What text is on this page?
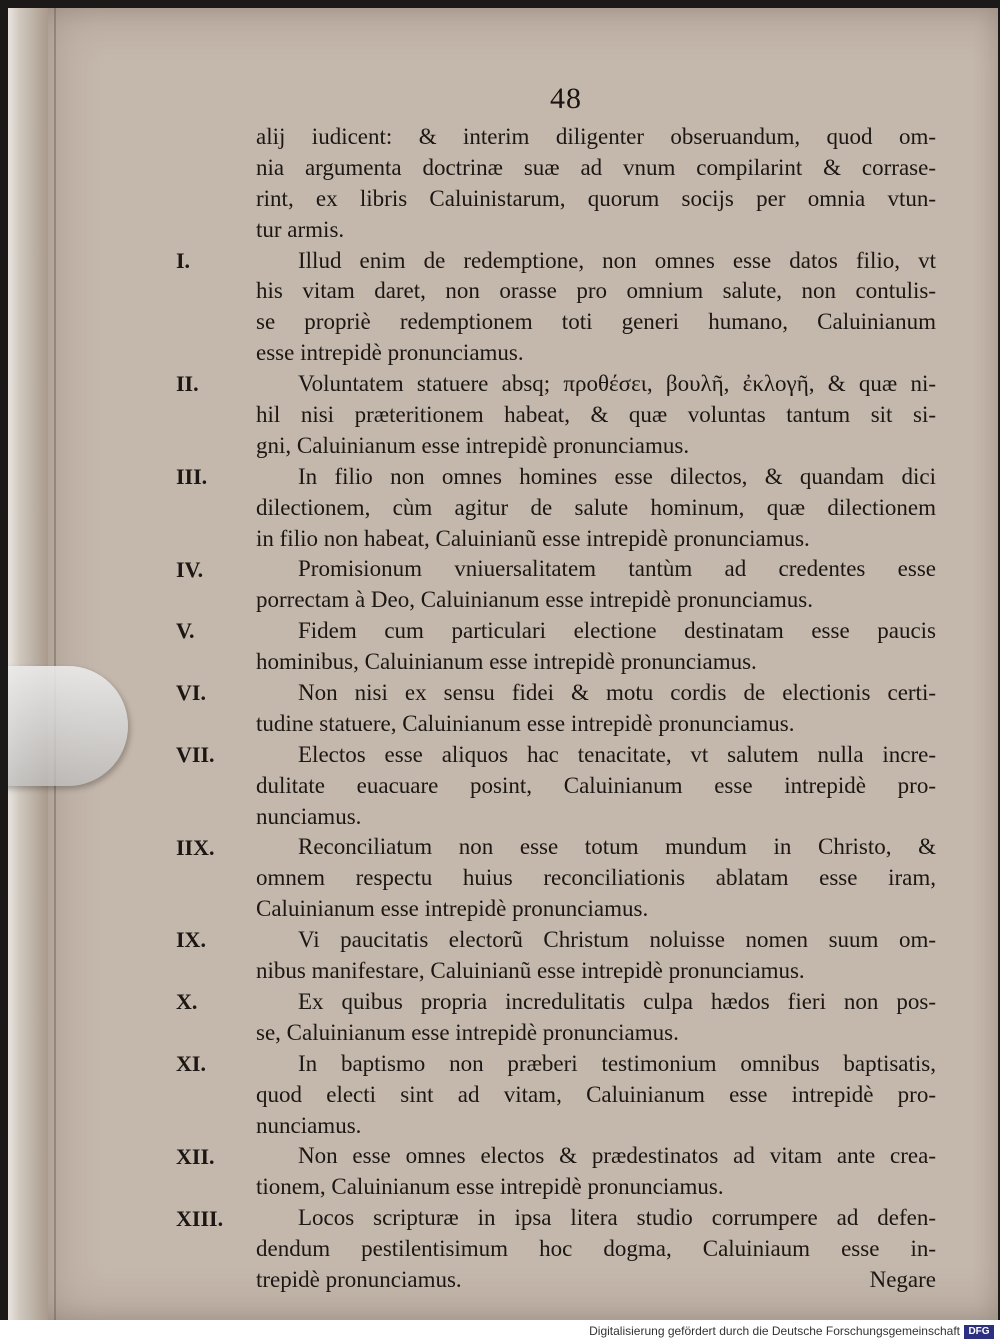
48
I.
II.
III.
IV.
V.
VI.
VII.
IIX.
IX.
X.
XI.
XII.
XIII.
alij iudicent: & interim diligenter obseruandum, quod om-
nia argumenta doctrinæ suæ ad vnum compilarint & corrase-
rint, ex libris Caluinistarum, quorum socijs per omnia vtun-
tur armis.
Illud enim de redemptione, non omnes esse datos filio, vt
his vitam daret, non orasse pro omnium salute, non contulis-
se propriè redemptionem toti generi humano, Caluinianum
esse intrepidè pronunciamus.
Voluntatem statuere absq; προθέσει, βουλῆ, ἐκλογῆ, & quæ ni-
hil nisi præteritionem habeat, & quæ voluntas tantum sit si-
gni, Caluinianum esse intrepidè pronunciamus.
In filio non omnes homines esse dilectos, & quandam dici
dilectionem, cùm agitur de salute hominum, quæ dilectionem
in filio non habeat, Caluinianũ esse intrepidè pronunciamus.
Promisionum vniuersalitatem tantùm ad credentes esse
porrectam à Deo, Caluinianum esse intrepidè pronunciamus.
Fidem cum particulari electione destinatam esse paucis
hominibus, Caluinianum esse intrepidè pronunciamus.
Non nisi ex sensu fidei & motu cordis de electionis certi-
tudine statuere, Caluinianum esse intrepidè pronunciamus.
Electos esse aliquos hac tenacitate, vt salutem nulla incre-
dulitate euacuare posint, Caluinianum esse intrepidè pro-
nunciamus.
Reconciliatum non esse totum mundum in Christo, &
omnem respectu huius reconciliationis ablatam esse iram,
Caluinianum esse intrepidè pronunciamus.
Vi paucitatis electorũ Christum noluisse nomen suum om-
nibus manifestare, Caluinianũ esse intrepidè pronunciamus.
Ex quibus propria incredulitatis culpa hædos fieri non pos-
se, Caluinianum esse intrepidè pronunciamus.
In baptismo non præberi testimonium omnibus baptisatis,
quod electi sint ad vitam, Caluinianum esse intrepidè pro-
nunciamus.
Non esse omnes electos & prædestinatos ad vitam ante crea-
tionem, Caluinianum esse intrepidè pronunciamus.
Locos scripturæ in ipsa litera studio corrumpere ad defen-
dendum pestilentisimum hoc dogma, Caluiniaum esse in-
trepidè pronunciamus.	Negare
Digitalisierung gefördert durch die Deutsche Forschungsgemeinschaft DFG
